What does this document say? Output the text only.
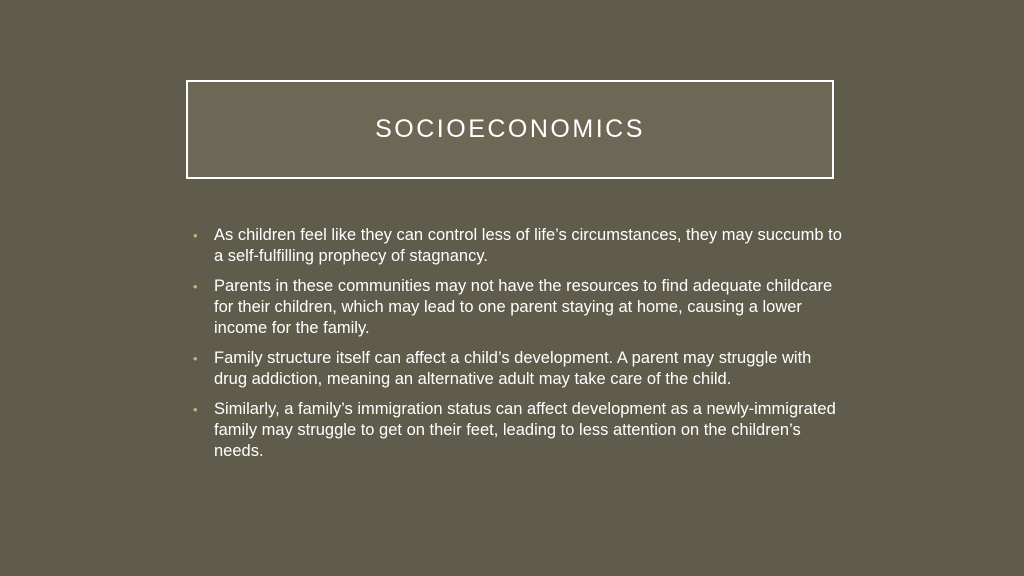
SOCIOECONOMICS
• As children feel like they can control less of life’s circumstances, they may succumb to a self-fulfilling prophecy of stagnancy.
• Parents in these communities may not have the resources to find adequate childcare for their children, which may lead to one parent staying at home, causing a lower income for the family.
• Family structure itself can affect a child’s development. A parent may struggle with drug addiction, meaning an alternative adult may take care of the child.
• Similarly, a family’s immigration status can affect development as a newly-immigrated family may struggle to get on their feet, leading to less attention on the children’s needs.
